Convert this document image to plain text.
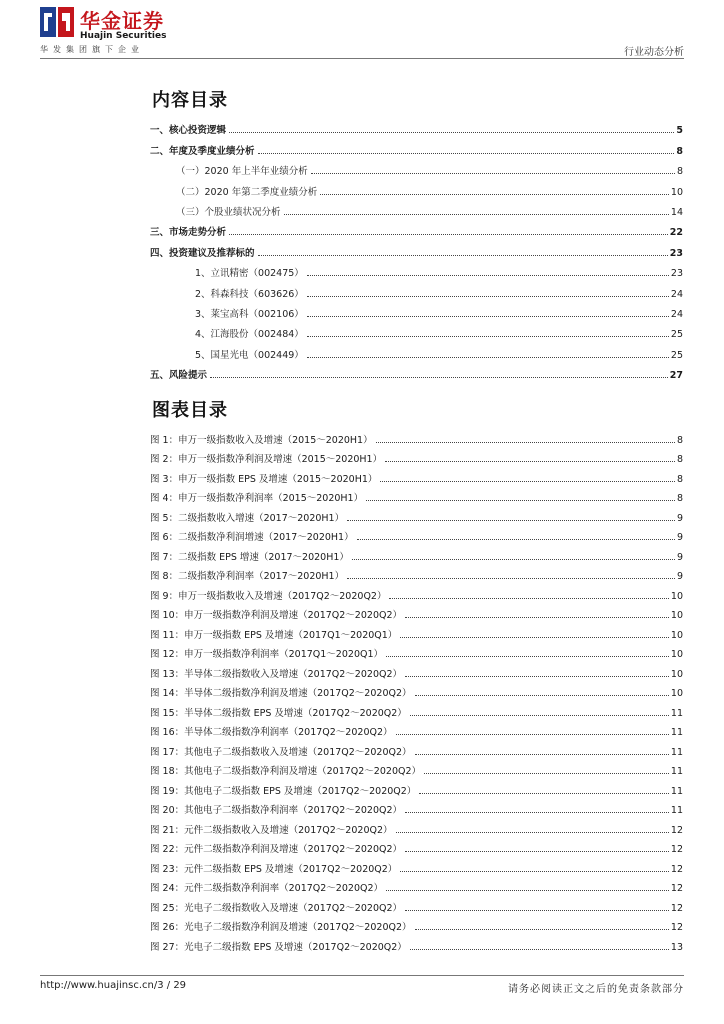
华金证券
Huajin Securities
华发集团旗下企业	行业动态分析
内容目录
一、核心投资逻辑	5
二、年度及季度业绩分析	8
（一）2020 年上半年业绩分析	8
（二）2020 年第二季度业绩分析	10
（三）个股业绩状况分析	14
三、市场走势分析	22
四、投资建议及推荐标的	23
1、立讯精密（002475）	23
2、科森科技（603626）	24
3、莱宝高科（002106）	24
4、江海股份（002484）	25
5、国星光电（002449）	25
五、风险提示	27
图表目录
图 1：申万一级指数收入及增速（2015～2020H1）	8
图 2：申万一级指数净利润及增速（2015～2020H1）	8
图 3：申万一级指数 EPS 及增速（2015～2020H1）	8
图 4：申万一级指数净利润率（2015～2020H1）	8
图 5：二级指数收入增速（2017～2020H1）	9
图 6：二级指数净利润增速（2017～2020H1）	9
图 7：二级指数 EPS 增速（2017～2020H1）	9
图 8：二级指数净利润率（2017～2020H1）	9
图 9：申万一级指数收入及增速（2017Q2～2020Q2）	10
图 10：申万一级指数净利润及增速（2017Q2～2020Q2）	10
图 11：申万一级指数 EPS 及增速（2017Q1～2020Q1）	10
图 12：申万一级指数净利润率（2017Q1～2020Q1）	10
图 13：半导体二级指数收入及增速（2017Q2～2020Q2）	10
图 14：半导体二级指数净利润及增速（2017Q2～2020Q2）	10
图 15：半导体二级指数 EPS 及增速（2017Q2～2020Q2）	11
图 16：半导体二级指数净利润率（2017Q2～2020Q2）	11
图 17：其他电子二级指数收入及增速（2017Q2～2020Q2）	11
图 18：其他电子二级指数净利润及增速（2017Q2～2020Q2）	11
图 19：其他电子二级指数 EPS 及增速（2017Q2～2020Q2）	11
图 20：其他电子二级指数净利润率（2017Q2～2020Q2）	11
图 21：元件二级指数收入及增速（2017Q2～2020Q2）	12
图 22：元件二级指数净利润及增速（2017Q2～2020Q2）	12
图 23：元件二级指数 EPS 及增速（2017Q2～2020Q2）	12
图 24：元件二级指数净利润率（2017Q2～2020Q2）	12
图 25：光电子二级指数收入及增速（2017Q2～2020Q2）	12
图 26：光电子二级指数净利润及增速（2017Q2～2020Q2）	12
图 27：光电子二级指数 EPS 及增速（2017Q2～2020Q2）	13
http://www.huajinsc.cn/3 / 29	请务必阅读正文之后的免责条款部分
